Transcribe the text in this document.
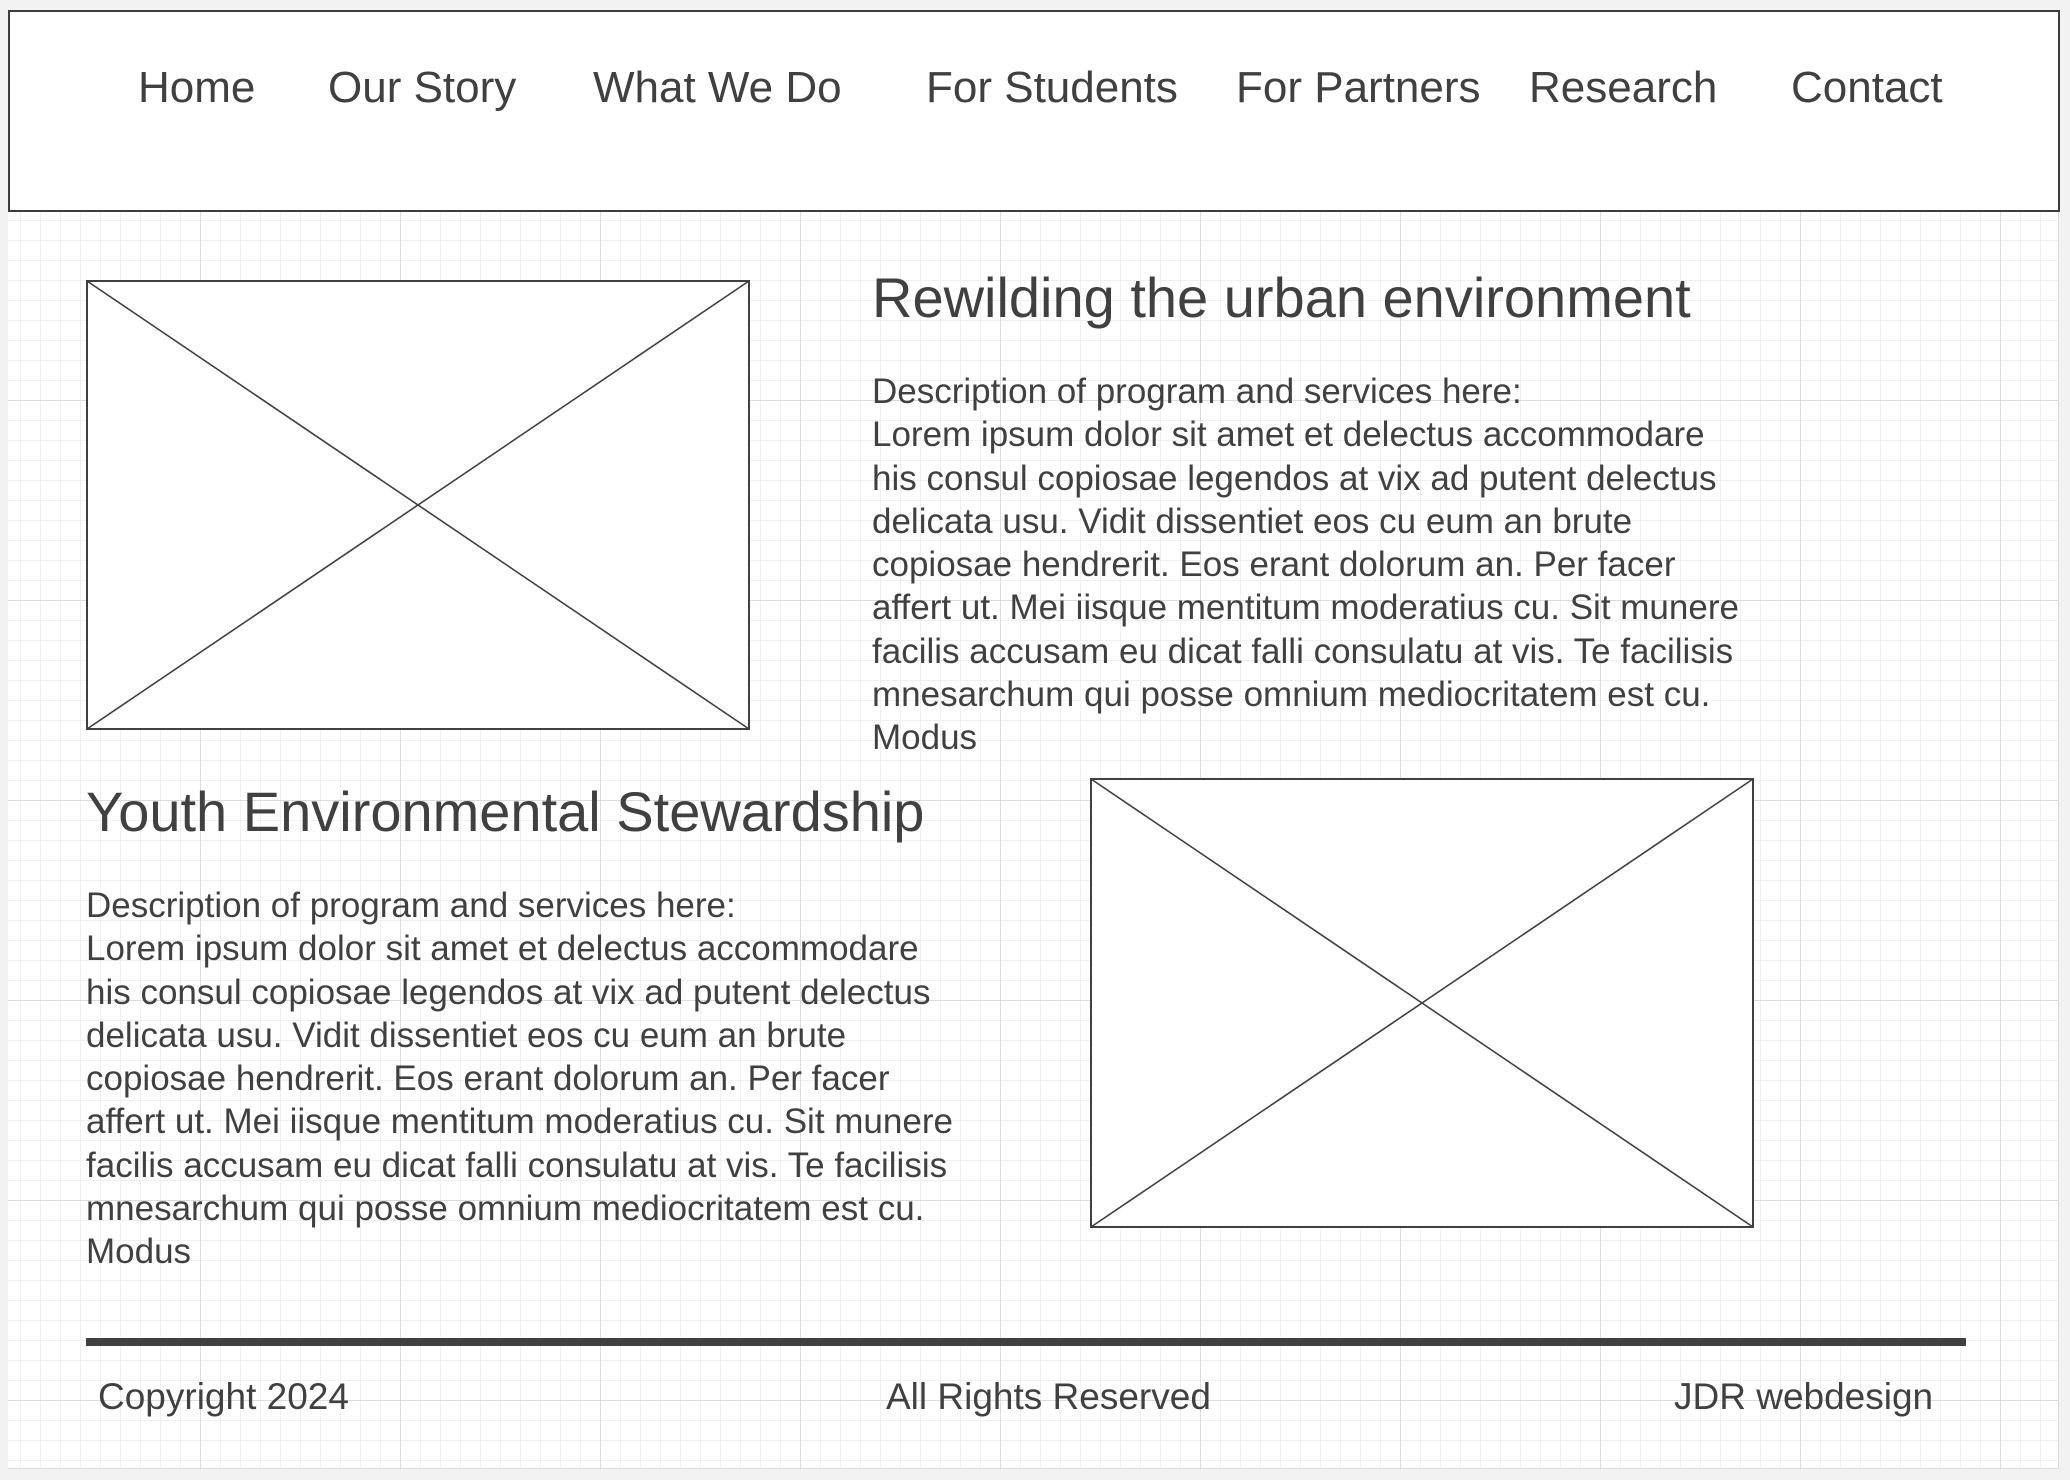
Home Our Story What We Do For Students For Partners Research Contact
Rewilding the urban environment
Description of program and services here:
Lorem ipsum dolor sit amet et delectus accommodare
his consul copiosae legendos at vix ad putent delectus
delicata usu. Vidit dissentiet eos cu eum an brute
copiosae hendrerit. Eos erant dolorum an. Per facer
affert ut. Mei iisque mentitum moderatius cu. Sit munere
facilis accusam eu dicat falli consulatu at vis. Te facilisis
mnesarchum qui posse omnium mediocritatem est cu.
Modus
Youth Environmental Stewardship
Description of program and services here:
Lorem ipsum dolor sit amet et delectus accommodare
his consul copiosae legendos at vix ad putent delectus
delicata usu. Vidit dissentiet eos cu eum an brute
copiosae hendrerit. Eos erant dolorum an. Per facer
affert ut. Mei iisque mentitum moderatius cu. Sit munere
facilis accusam eu dicat falli consulatu at vis. Te facilisis
mnesarchum qui posse omnium mediocritatem est cu.
Modus
Copyright 2024	All Rights Reserved	JDR webdesign
